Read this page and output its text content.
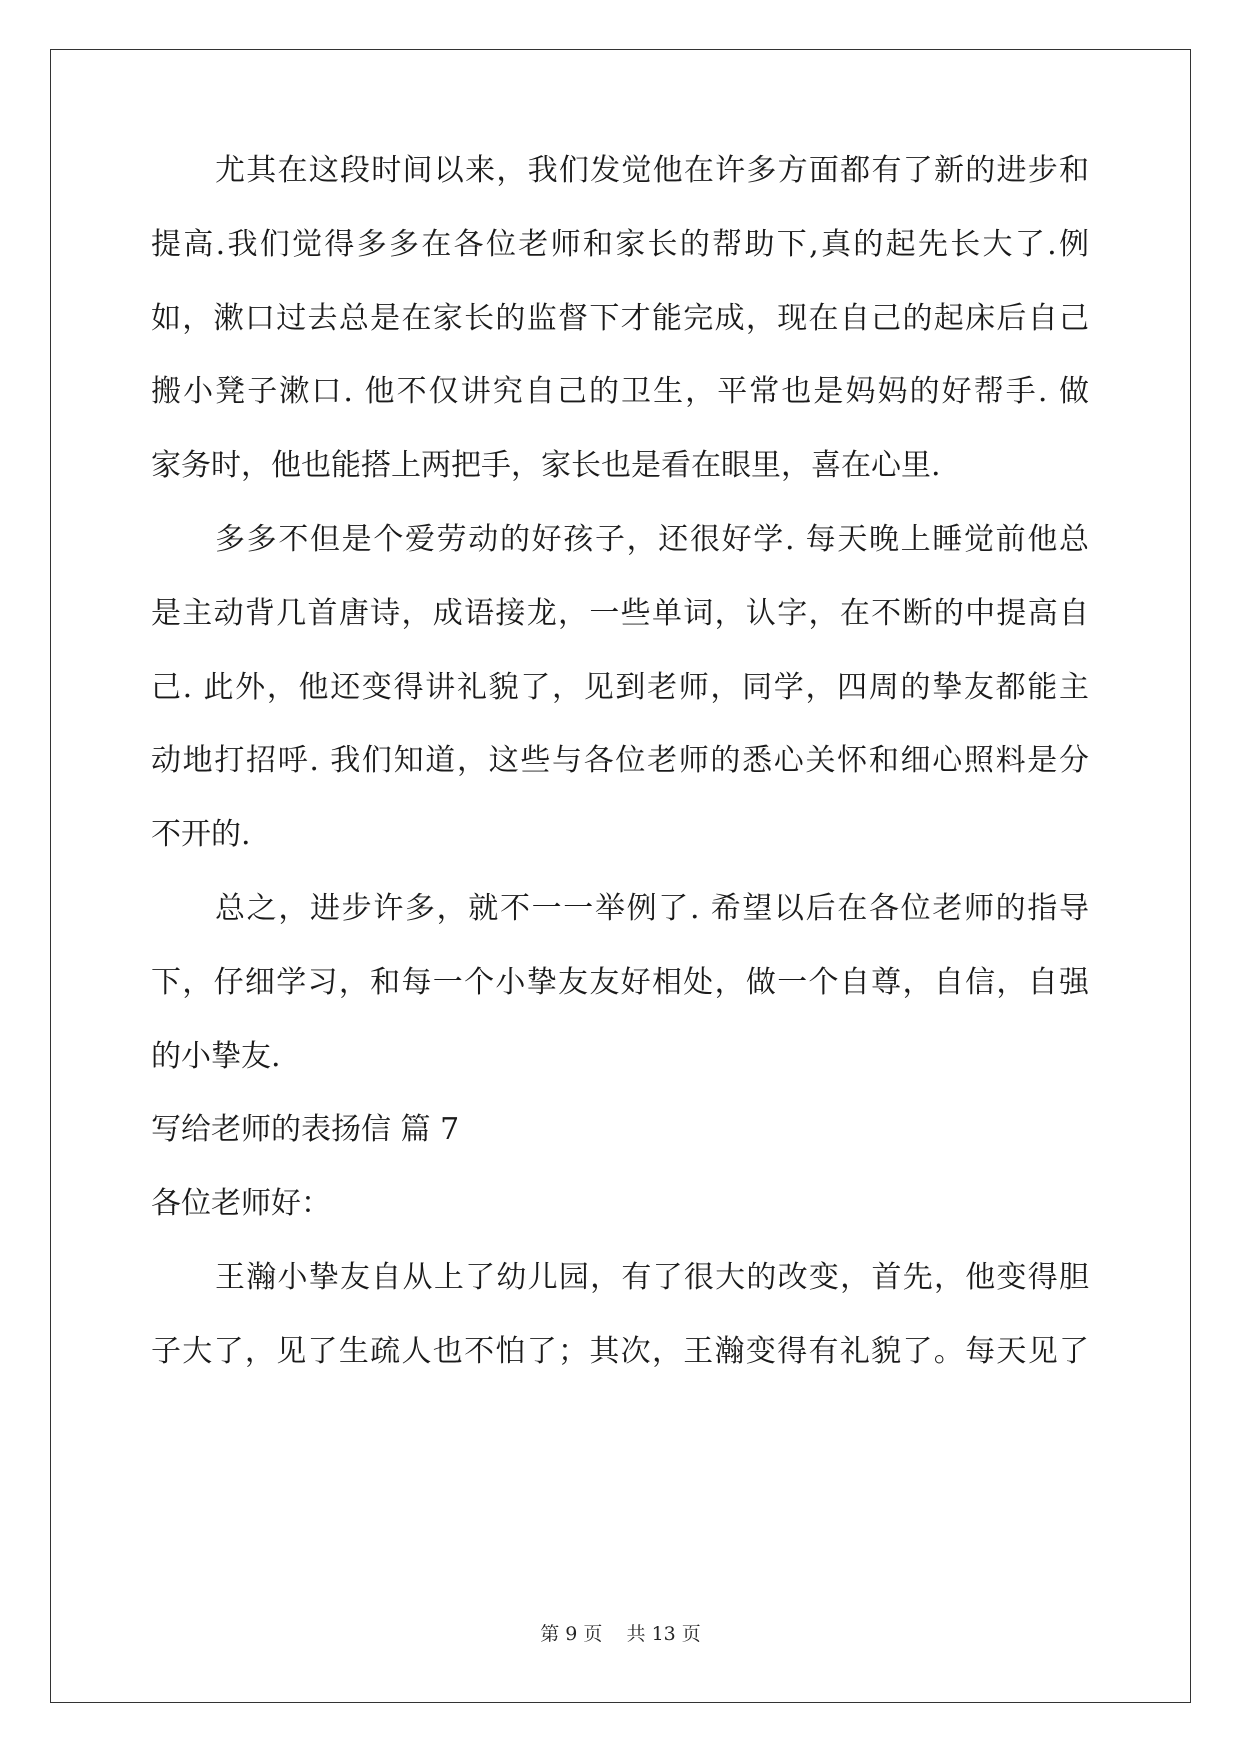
尤其在这段时间以来，我们发觉他在许多方面都有了新的进步和
提高.我们觉得多多在各位老师和家长的帮助下,真的起先长大了.例
如，漱口过去总是在家长的监督下才能完成，现在自己的起床后自己
搬小凳子漱口. 他不仅讲究自己的卫生，平常也是妈妈的好帮手. 做
家务时，他也能搭上两把手，家长也是看在眼里，喜在心里.
多多不但是个爱劳动的好孩子，还很好学. 每天晚上睡觉前他总
是主动背几首唐诗，成语接龙，一些单词，认字，在不断的中提高自
己. 此外，他还变得讲礼貌了，见到老师，同学，四周的挚友都能主
动地打招呼. 我们知道，这些与各位老师的悉心关怀和细心照料是分
不开的.
总之，进步许多，就不一一举例了. 希望以后在各位老师的指导
下，仔细学习，和每一个小挚友友好相处，做一个自尊，自信，自强
的小挚友.
写给老师的表扬信 篇 7
各位老师好：
王瀚小挚友自从上了幼儿园，有了很大的改变，首先，他变得胆
子大了，见了生疏人也不怕了；其次，王瀚变得有礼貌了。每天见了
第 9 页    共 13 页
